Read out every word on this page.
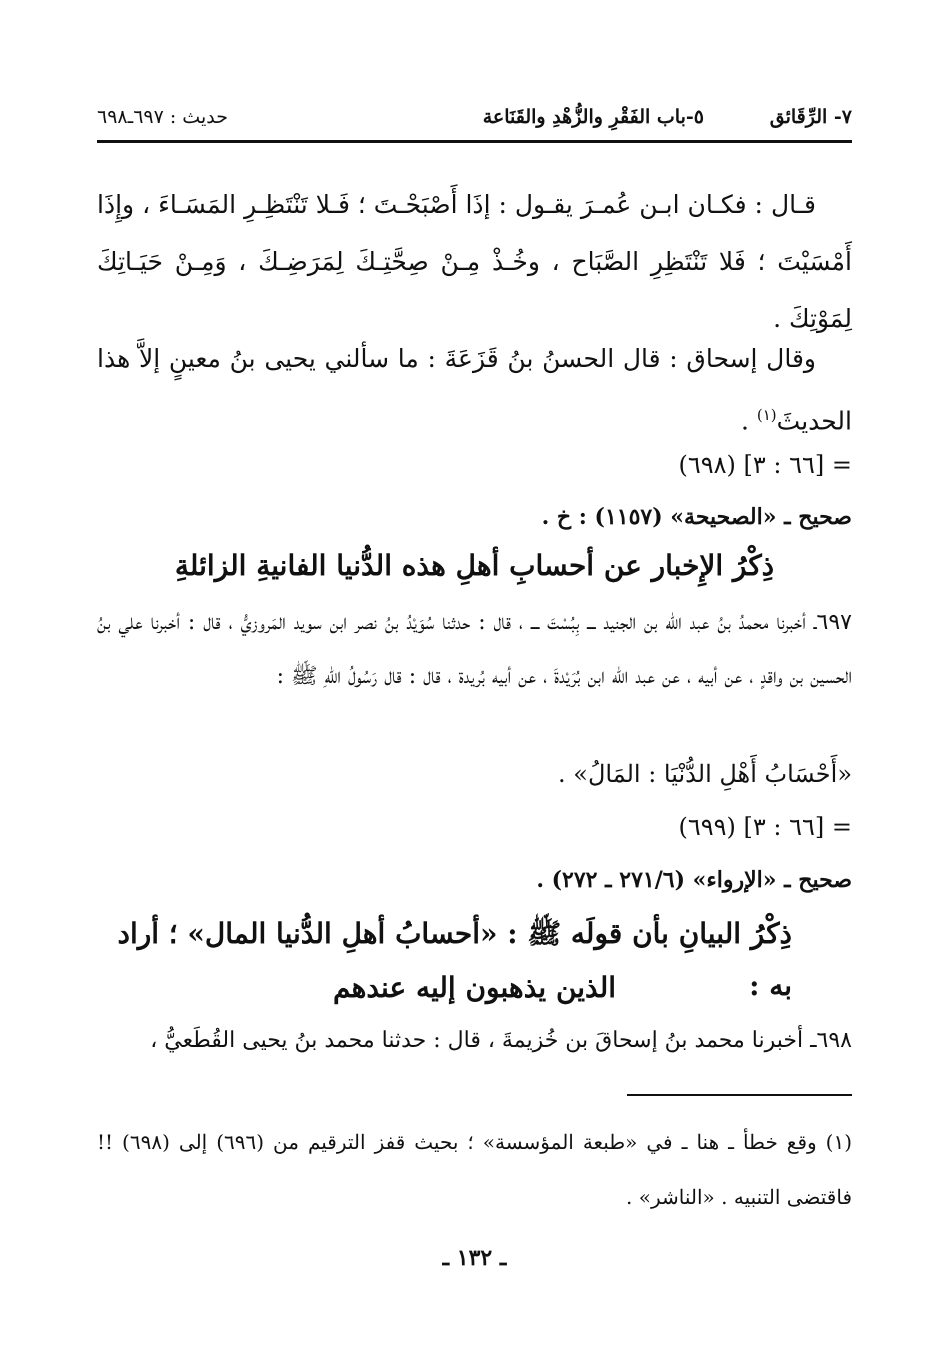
٧- الرِّقَائق
٥-باب الفَقْرِ والزُّهْدِ والقَنَاعة
حديث : ٦٩٧ـ٦٩٨
قـال : فكـان ابـن عُمـرَ يقـول : إذَا أَصْبَحْـتَ ؛ فَـلا تَنْتَظِـرِ المَسَـاءَ ، وإِذَا أَمْسَيْتَ ؛ فَلا تَنْتَظِرِ الصَّبَاح ، وخُـذْ مِـنْ صِحَّتِـكَ لِمَرَضِـكَ ، وَمِـنْ حَيَـاتِكَ لِمَوْتِكَ .
وقال إسحاق : قال الحسنُ بنُ قَزَعَةَ : ما سألني يحيى بنُ معينٍ إلاَّ هذا الحديثَ$^{(١)}$ .
= [٦٦ : ٣] (٦٩٨)
صحيح ـ «الصحيحة» (١١٥٧) : خ .
ذِكْرُ الإِخبار عن أحسابِ أهلِ هذه الدُّنيا الفانيةِ الزائلةِ
٦٩٧ـ أخبرنا محمدُ بنُ عبد اللّه بن الجنيد ـــ بِبُسْتَ ـــ ، قال : حدثنا سُوَيْدُ بنُ نصر ابن سويد المَروزيُّ ، قال : أخبرنا علي بنُ الحسين بن واقدٍ ، عن أبيه ، عن عبد اللّه ابن بُرَيْدةَ ، عن أبيه بُريدة ، قال : قال رَسُولُ اللّهِ ﷺ :
«أَحْسَابُ أَهْلِ الدُّنْيَا : المَالُ» .
= [٦٦ : ٣] (٦٩٩)
صحيح ـ «الإرواء» (٢٧١/٦ ـ ٢٧٢) .
ذِكْرُ البيانِ بأن قولَه ﷺ : «أحسابُ أهلِ الدُّنيا المال» ؛ أراد به :
الذين يذهبون إليه عندهم
٦٩٨ـ أخبرنا محمد بنُ إسحاقَ بن خُزيمةَ ، قال : حدثنا محمد بنُ يحيى القُطَعيُّ ،
(١) وقع خطأ ـ هنا ـ في «طبعة المؤسسة» ؛ بحيث قفز الترقيم من (٦٩٦) إلى (٦٩٨) !! فاقتضى التنبيه . «الناشر» .
ـ ١٣٢ ـ
